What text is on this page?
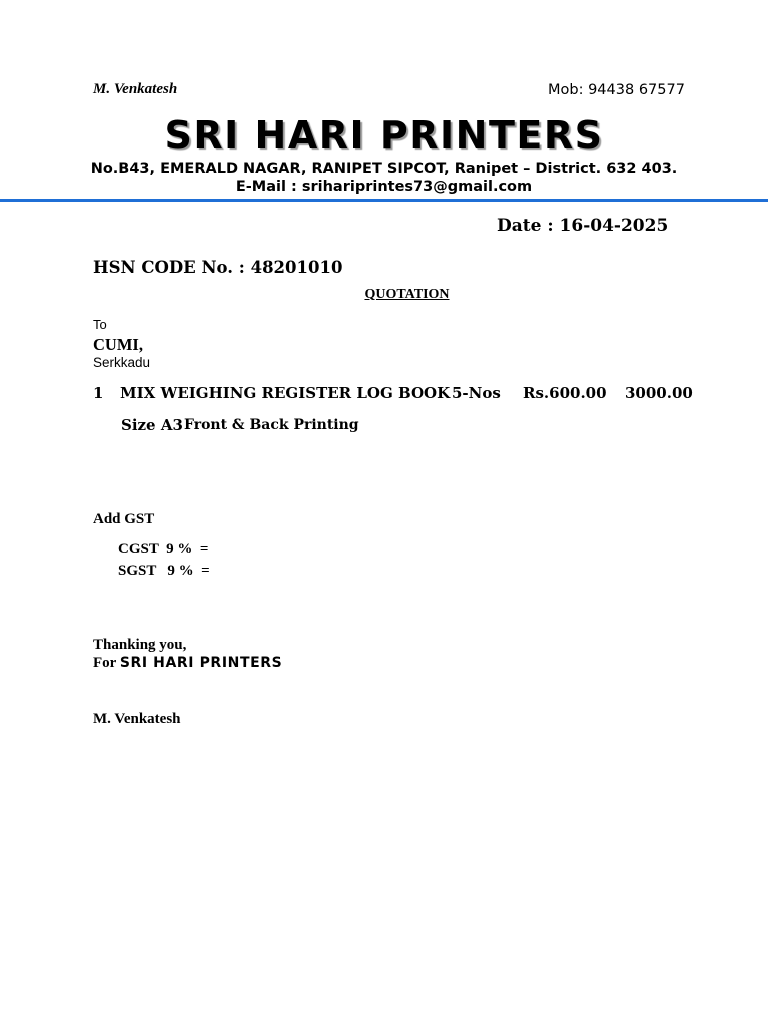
M. Venkatesh	Mob: 94438 67577
SRI HARI PRINTERS
No.B43, EMERALD NAGAR, RANIPET SIPCOT, Ranipet – District. 632 403.
E-Mail : srihariprintes73@gmail.com
Date : 16-04-2025
HSN CODE No. : 48201010
QUOTATION
To
CUMI,
Serkkadu
1 MIX WEIGHING REGISTER LOG BOOK 5-Nos Rs.600.00 3000.00
Size A3 Front & Back Printing
Add GST
CGST  9 %  =
SGST   9 %  =
Thanking you,
For SRI HARI PRINTERS
M. Venkatesh
